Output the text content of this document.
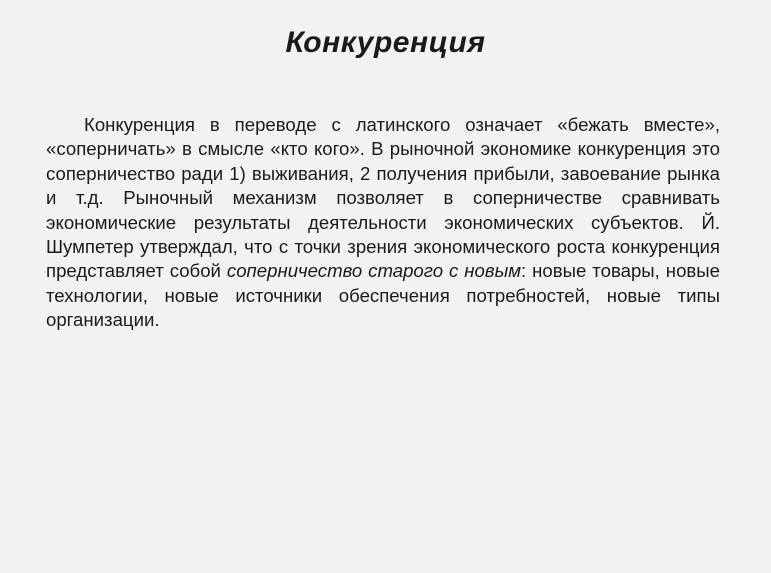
Конкуренция

Конкуренция в переводе с латинского означает «бежать вместе», «соперничать» в смысле «кто кого». В рыночной экономике конкуренция это соперничество ради 1) выживания, 2 получения прибыли, завоевание рынка и т.д. Рыночный механизм позволяет в соперничестве сравнивать экономические результаты деятельности экономических субъектов. Й. Шумпетер утверждал, что с точки зрения экономического роста конкуренция представляет собой соперничество старого с новым: новые товары, новые технологии, новые источники обеспечения потребностей, новые типы организации.
